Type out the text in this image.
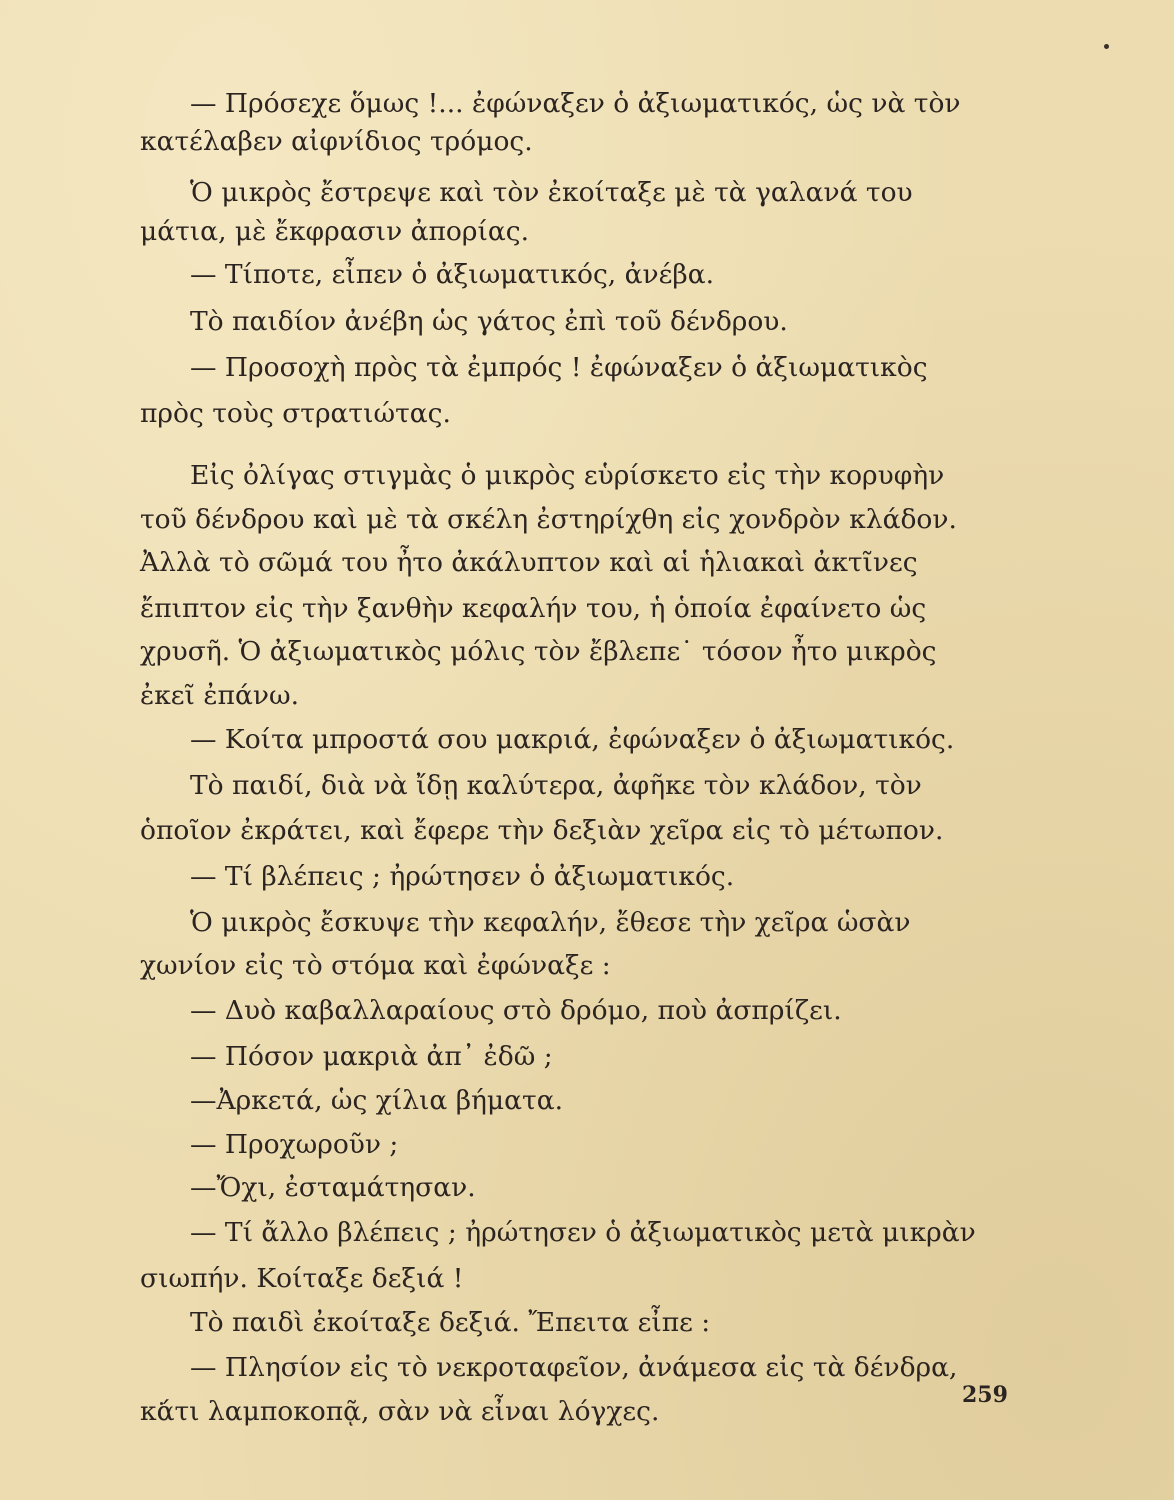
— Πρόσεχε ὅμως !... ἐφώναξεν ὁ ἀξιωματικός, ὡς νὰ τὸν
κατέλαβεν αἰφνίδιος τρόμος.
Ὁ μικρὸς ἔστρεψε καὶ τὸν ἐκοίταξε μὲ τὰ γαλανά του
μάτια, μὲ ἔκφρασιν ἀπορίας.
— Τίποτε, εἶπεν ὁ ἀξιωματικός, ἀνέβα.
Τὸ παιδίον ἀνέβη ὡς γάτος ἐπὶ τοῦ δένδρου.
— Προσοχὴ πρὸς τὰ ἐμπρός ! ἐφώναξεν ὁ ἀξιωματικὸς
πρὸς τοὺς στρατιώτας.
Εἰς ὀλίγας στιγμὰς ὁ μικρὸς εὑρίσκετο εἰς τὴν κορυφὴν
τοῦ δένδρου καὶ μὲ τὰ σκέλη ἐστηρίχθη εἰς χονδρὸν κλάδον.
Ἀλλὰ τὸ σῶμά του ἦτο ἀκάλυπτον καὶ αἱ ἡλιακαὶ ἀκτῖνες
ἔπιπτον εἰς τὴν ξανθὴν κεφαλήν του, ἡ ὁποία ἐφαίνετο ὡς
χρυσῆ. Ὁ ἀξιωματικὸς μόλις τὸν ἔβλεπε˙ τόσον ἦτο μικρὸς
ἐκεῖ ἐπάνω.
— Κοίτα μπροστά σου μακριά, ἐφώναξεν ὁ ἀξιωματικός.
Τὸ παιδί, διὰ νὰ ἴδῃ καλύτερα, ἀφῆκε τὸν κλάδον, τὸν
ὁποῖον ἐκράτει, καὶ ἔφερε τὴν δεξιὰν χεῖρα εἰς τὸ μέτωπον.
— Τί βλέπεις ; ἠρώτησεν ὁ ἀξιωματικός.
Ὁ μικρὸς ἔσκυψε τὴν κεφαλήν, ἔθεσε τὴν χεῖρα ὡσὰν
χωνίον εἰς τὸ στόμα καὶ ἐφώναξε :
— Δυὸ καβαλλαραίους στὸ δρόμο, ποὺ ἀσπρίζει.
— Πόσον μακριὰ ἀπ᾿ ἐδῶ ;
—Ἀρκετά, ὡς χίλια βήματα.
— Προχωροῦν ;
—Ὄχι, ἐσταμάτησαν.
— Τί ἄλλο βλέπεις ; ἠρώτησεν ὁ ἀξιωματικὸς μετὰ μικρὰν
σιωπήν. Κοίταξε δεξιά !
Τὸ παιδὶ ἐκοίταξε δεξιά. Ἔπειτα εἶπε :
— Πλησίον εἰς τὸ νεκροταφεῖον, ἀνάμεσα εἰς τὰ δένδρα,
κάτι λαμποκοπᾷ, σὰν νὰ εἶναι λόγχες.
259
